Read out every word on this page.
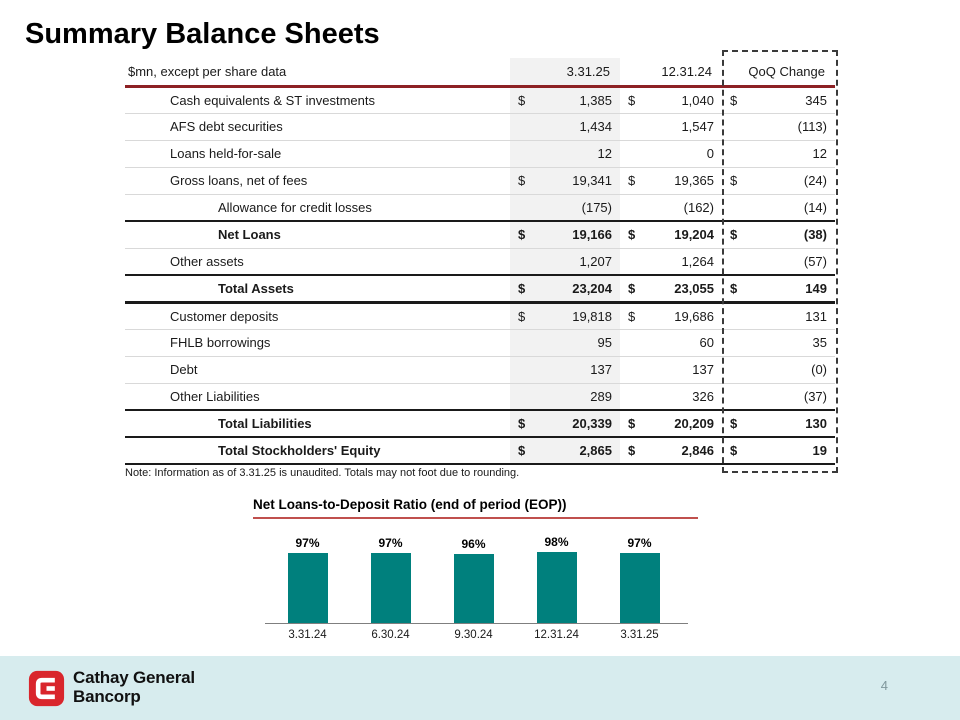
Summary Balance Sheets
$mn, except per share data	3.31.25	12.31.24	QoQ Change
Cash equivalents & ST investments	$ 1,385	$ 1,040	$ 345

AFS debt securities	1,434	1,547	(113)

Loans held-for-sale	12	0	12

Gross loans, net of fees	$ 19,341	$ 19,365	$ (24)

Allowance for credit losses	(175)	(162)	(14)

Net Loans	$ 19,166	$ 19,204	$ (38)

Other assets	1,207	1,264	(57)

Total Assets	$ 23,204	$ 23,055	$ 149

Customer deposits	$ 19,818	$ 19,686	131

FHLB borrowings	95	60	35

Debt	137	137	(0)

Other Liabilities	289	326	(37)

Total Liabilities	$ 20,339	$ 20,209	$ 130

Total Stockholders' Equity	$ 2,865	$ 2,846	$ 19
Note: Information as of 3.31.25 is unaudited. Totals may not foot due to rounding.
Net Loans-to-Deposit Ratio (end of period (EOP))
97%	97%	96%	98%	97%
3.31.24	6.30.24	9.30.24	12.31.24	3.31.25
Cathay General
Bancorp
4
